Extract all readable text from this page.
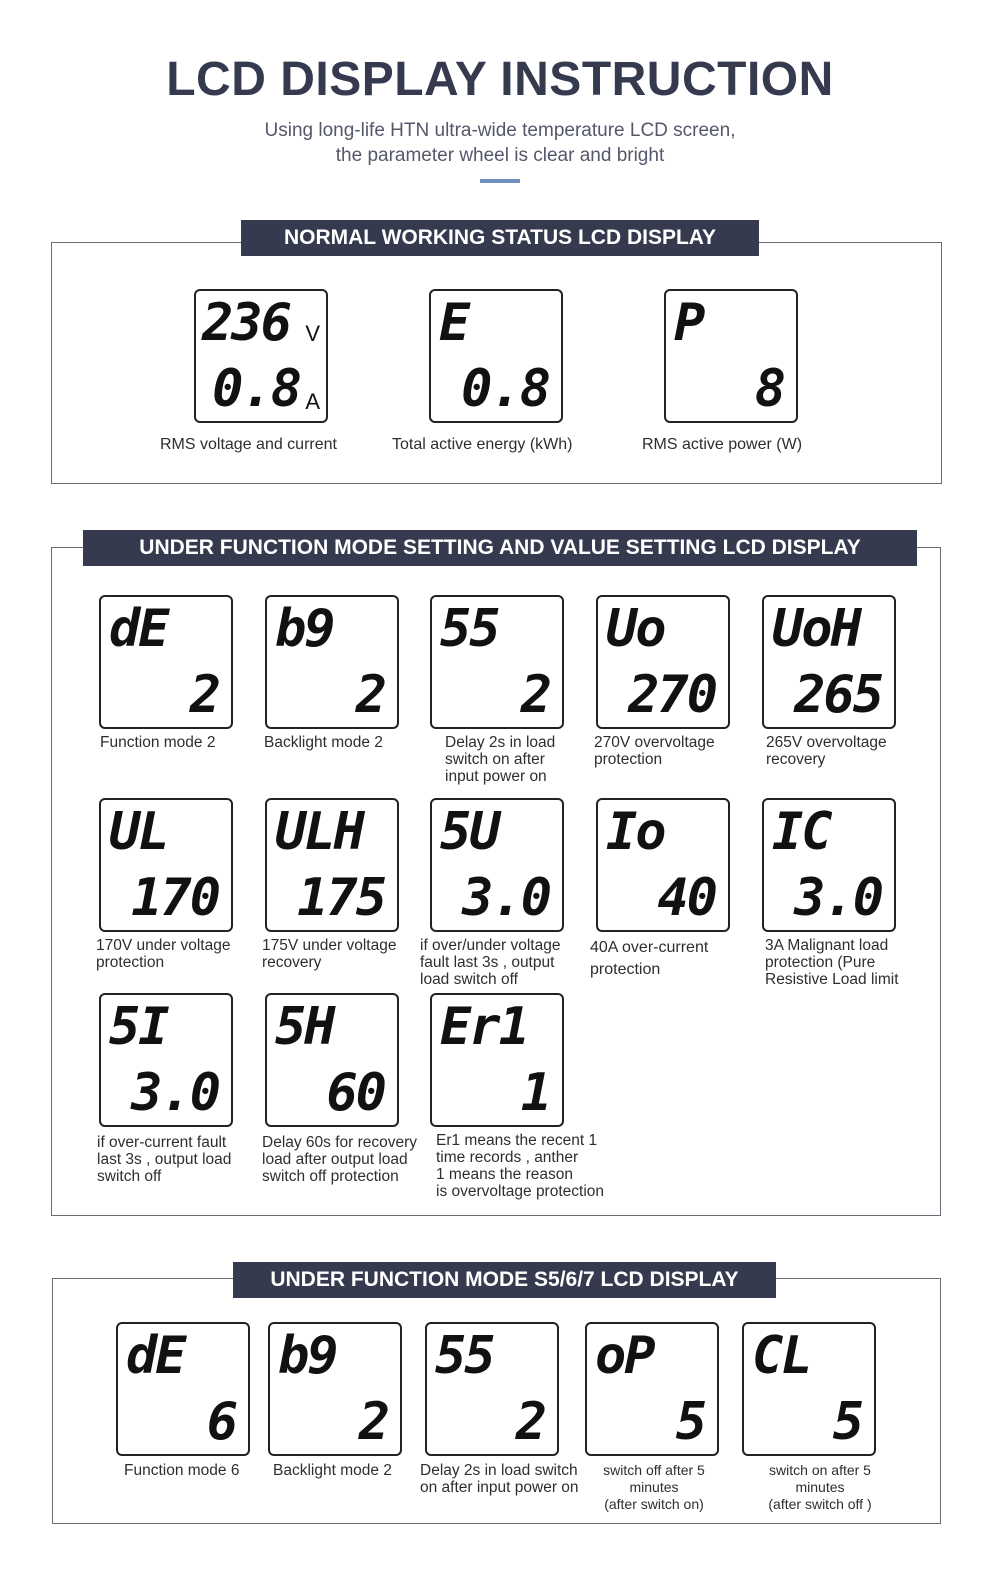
LCD DISPLAY INSTRUCTION
Using long-life HTN ultra-wide temperature LCD screen,
the parameter wheel is clear and bright
NORMAL WORKING STATUS LCD DISPLAY
236 V
0.8 A
RMS voltage and current
E
0.8
Total active energy (kWh)
P
8
RMS active power (W)
UNDER FUNCTION MODE SETTING AND VALUE SETTING LCD DISPLAY
dE
2
Function mode 2
b9
2
Backlight mode 2
55
2
Delay 2s in load
switch on after
input power on
Uo
270
270V overvoltage
protection
UoH
265
265V overvoltage
recovery
UL
170
170V under voltage
protection
ULH
175
175V under voltage
recovery
5U
3.0
if over/under voltage
fault last 3s , output
load switch off
Io
40
40A over-current
protection
IC
3.0
3A Malignant load
protection (Pure
Resistive Load limit
5I
3.0
if over-current fault
last 3s , output load
switch off
5H
60
Delay 60s for recovery
load after output load
switch off protection
Er1
1
Er1 means the recent 1
time records , anther
1 means the reason
is overvoltage protection
UNDER FUNCTION MODE S5/6/7 LCD DISPLAY
dE
6
Function mode 6
b9
2
Backlight mode 2
55
2
Delay 2s in load switch
on after input power on
oP
5
switch off after 5 minutes
(after switch on)
CL
5
switch on after 5 minutes
(after switch off )
